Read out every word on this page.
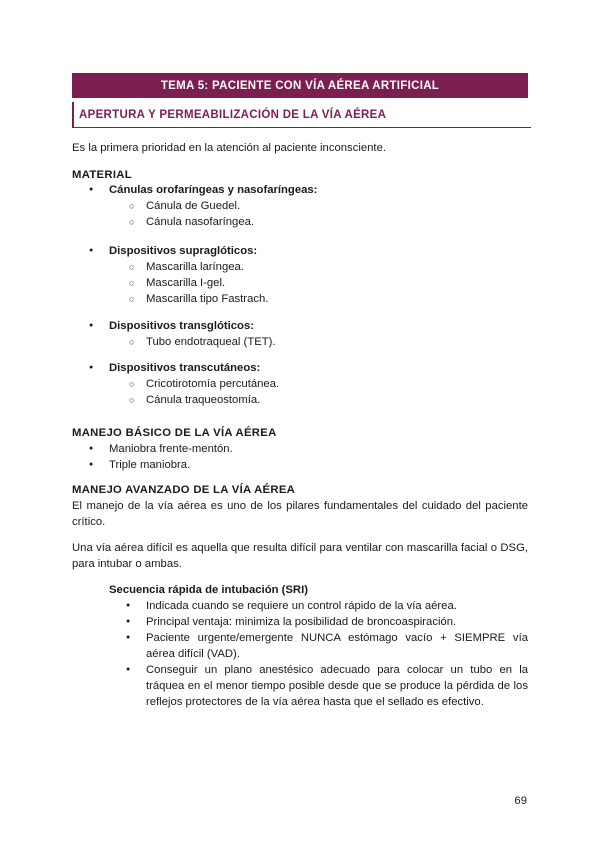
TEMA 5: PACIENTE CON VÍA AÉREA ARTIFICIAL
APERTURA Y PERMEABILIZACIÓN DE LA VÍA AÉREA
Es la primera prioridad en la atención al paciente inconsciente.
MATERIAL
● Cánulas orofaríngeas y nasofaríngeas:
○ Cánula de Guedel.
○ Cánula nasofaríngea.
● Dispositivos supraglóticos:
○ Mascarilla laríngea.
○ Mascarilla I-gel.
○ Mascarilla tipo Fastrach.
● Dispositivos transglóticos:
○ Tubo endotraqueal (TET).
● Dispositivos transcutáneos:
○ Cricotirotomía percutánea.
○ Cánula traqueostomía.
MANEJO BÁSICO DE LA VÍA AÉREA
● Maniobra frente-mentón.
● Triple maniobra.
MANEJO AVANZADO DE LA VÍA AÉREA
El manejo de la vía aérea es uno de los pilares fundamentales del cuidado del paciente crítico.
Una vía aérea difícil es aquella que resulta difícil para ventilar con mascarilla facial o DSG, para intubar o ambas.
Secuencia rápida de intubación (SRI)
● Indicada cuando se requiere un control rápido de la vía aérea.
● Principal ventaja: minimiza la posibilidad de broncoaspiración.
● Paciente urgente/emergente NUNCA estómago vacío + SIEMPRE vía aérea difícil (VAD).
● Conseguir un plano anestésico adecuado para colocar un tubo en la tráquea en el menor tiempo posible desde que se produce la pérdida de los reflejos protectores de la vía aérea hasta que el sellado es efectivo.
69
